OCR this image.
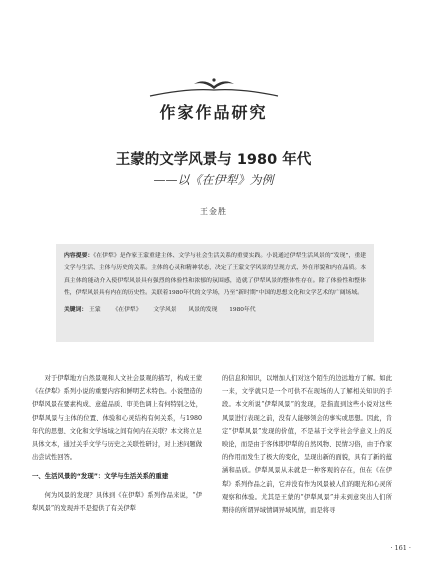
作家作品研究
王蒙的文学风景与 1980 年代

——以《在伊犁》为例

王金胜

内容提要：《在伊犁》是作家王蒙重建主体、文学与社会生活关系的重要实践。小说通过伊犁生活风景的“发现”，重建文学与生活、主体与历史的关系。主体的心灵和精神状态，决定了王蒙文学风景的呈现方式、外在形貌和内在品质。本真主体的能动介入使伊犁风景具有强烈的体验性和浓郁的氛围感，造就了伊犁风景的整体性存在。除了体验性和整体性，伊犁风景具有内在的历史性。关联着1980年代的文学场，乃至“新时期”中国的思想文化和文学艺术的广阔场域。

关键词： 王蒙 《在伊犁》 文学风景 风景的发现 1980年代

对于伊犁地方自然景观和人文社会景观的描写，构成王蒙《在伊犁》系列小说的重要内容和鲜明艺术特色。小说塑造的伊犁风景在要素构成、意蕴品质、审美色调上有何特别之处，伊犁风景与主体的位置、体验和心灵结构有何关系，与1980年代的思想、文化和文学场域之间有何内在关联？本文将立足具体文本，通过关乎文学与历史之关联性研讨，对上述问题做出尝试性回答。

一、生活风景的“发现”：文学与生活关系的重建

何为风景的发现？具体到《在伊犁》系列作品来说，“伊犁风景”的发现并不是提供了有关伊犁

的信息和知识，以增加人们对这个陌生的边远地方了解。如此一来，文学就只是一个可供不在现场的人了解相关知识的手段。本文所说“伊犁风景”的发现，是指直到这些小说对这些风景进行表现之前，没有人能够领会的事实或思想。因此，肯定“伊犁风景”发现的价值，不是基于文学社会学意义上的反映论，而是由于客体即伊犁的自然风物、民情习俗，由于作家的作用而发生了极大的变化，呈现出新的面貌，具有了新的蕴涵和品质。伊犁风景从未就是一种客观的存在，但在《在伊犁》系列作品之前，它并没有作为风景被人们的眼光和心灵所观察和体验。尤其是王蒙的“伊犁风景”并未到意突出人们所期待的所谓异域情调异域风情，而是将寻

· 161 ·
